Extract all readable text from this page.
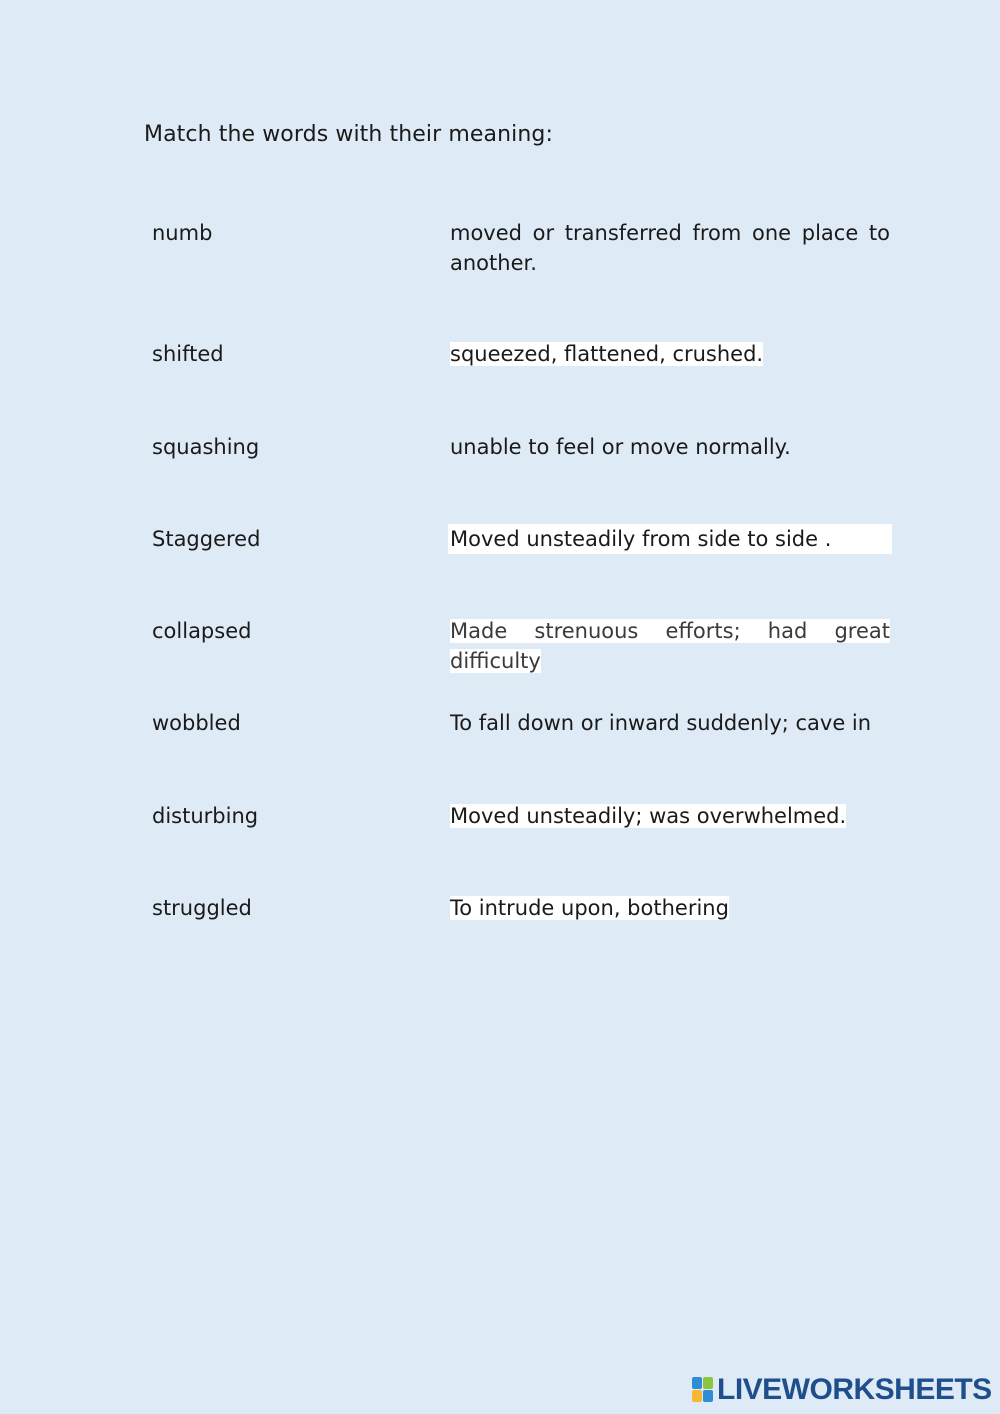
Match the words with their meaning:
numb	moved or transferred from one place to another.
shifted	squeezed, flattened, crushed.
squashing	unable to feel or move normally.
Staggered	Moved unsteadily from side to side .
collapsed	Made strenuous efforts; had great difficulty
wobbled	To fall down or inward suddenly; cave in
disturbing	Moved unsteadily; was overwhelmed.
struggled	To intrude upon, bothering
LIVEWORKSHEETS
